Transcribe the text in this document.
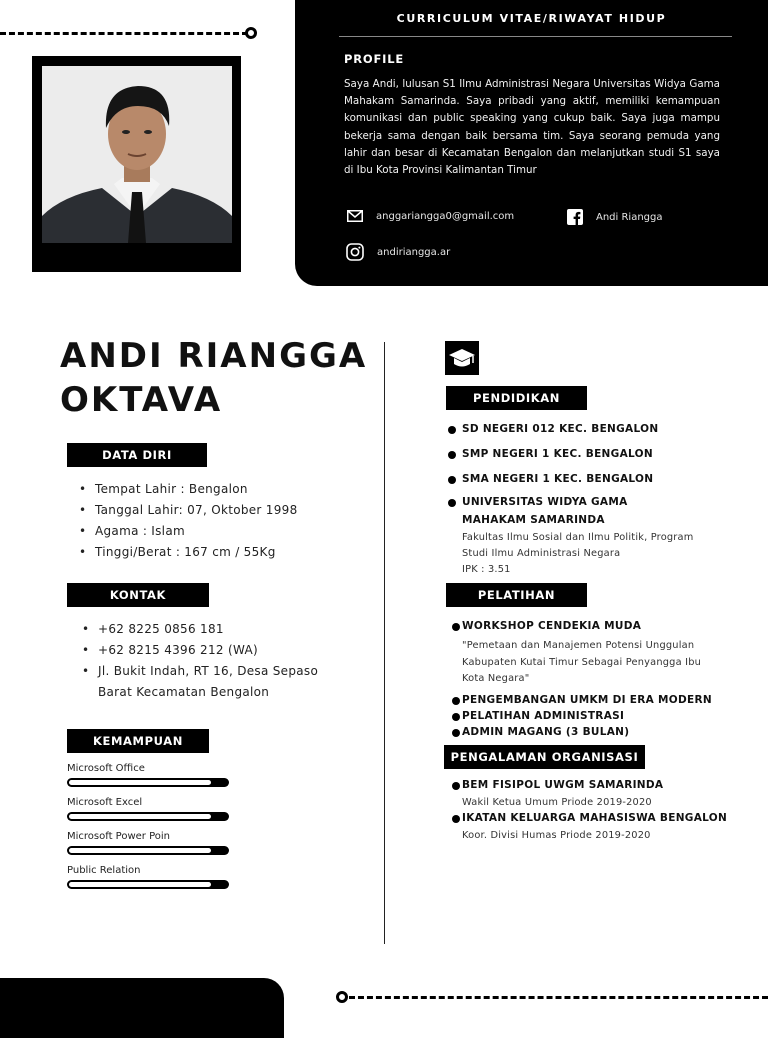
CURRICULUM VITAE/RIWAYAT HIDUP
PROFILE
Saya Andi, lulusan S1 Ilmu Administrasi Negara Universitas Widya Gama Mahakam Samarinda. Saya pribadi yang aktif, memiliki kemampuan komunikasi dan public speaking yang cukup baik. Saya juga mampu bekerja sama dengan baik bersama tim. Saya seorang pemuda yang lahir dan besar di Kecamatan Bengalon dan melanjutkan studi S1 saya di Ibu Kota Provinsi Kalimantan Timur
anggariangga0@gmail.com	Andi Riangga
andiriangga.ar
ANDI RIANGGA
OKTAVA
DATA DIRI
• Tempat Lahir : Bengalon
• Tanggal Lahir: 07, Oktober 1998
• Agama : Islam
• Tinggi/Berat : 167 cm / 55Kg
KONTAK
• +62 8225 0856 181
• +62 8215 4396 212 (WA)
• Jl. Bukit Indah, RT 16, Desa Sepaso
Barat Kecamatan Bengalon
KEMAMPUAN
Microsoft Office
Microsoft Excel
Microsoft Power Poin
Public Relation
PENDIDIKAN
SD NEGERI 012 KEC. BENGALON
SMP NEGERI 1 KEC. BENGALON
SMA NEGERI 1 KEC. BENGALON
UNIVERSITAS WIDYA GAMA
MAHAKAM SAMARINDA
Fakultas Ilmu Sosial dan Ilmu Politik, Program
Studi Ilmu Administrasi Negara
IPK : 3.51
PELATIHAN
WORKSHOP CENDEKIA MUDA
"Pemetaan dan Manajemen Potensi Unggulan
Kabupaten Kutai Timur Sebagai Penyangga Ibu
Kota Negara"
PENGEMBANGAN UMKM DI ERA MODERN
PELATIHAN ADMINISTRASI
ADMIN MAGANG (3 BULAN)
PENGALAMAN ORGANISASI
BEM FISIPOL UWGM SAMARINDA
Wakil Ketua Umum Priode 2019-2020
IKATAN KELUARGA MAHASISWA BENGALON
Koor. Divisi Humas Priode 2019-2020
